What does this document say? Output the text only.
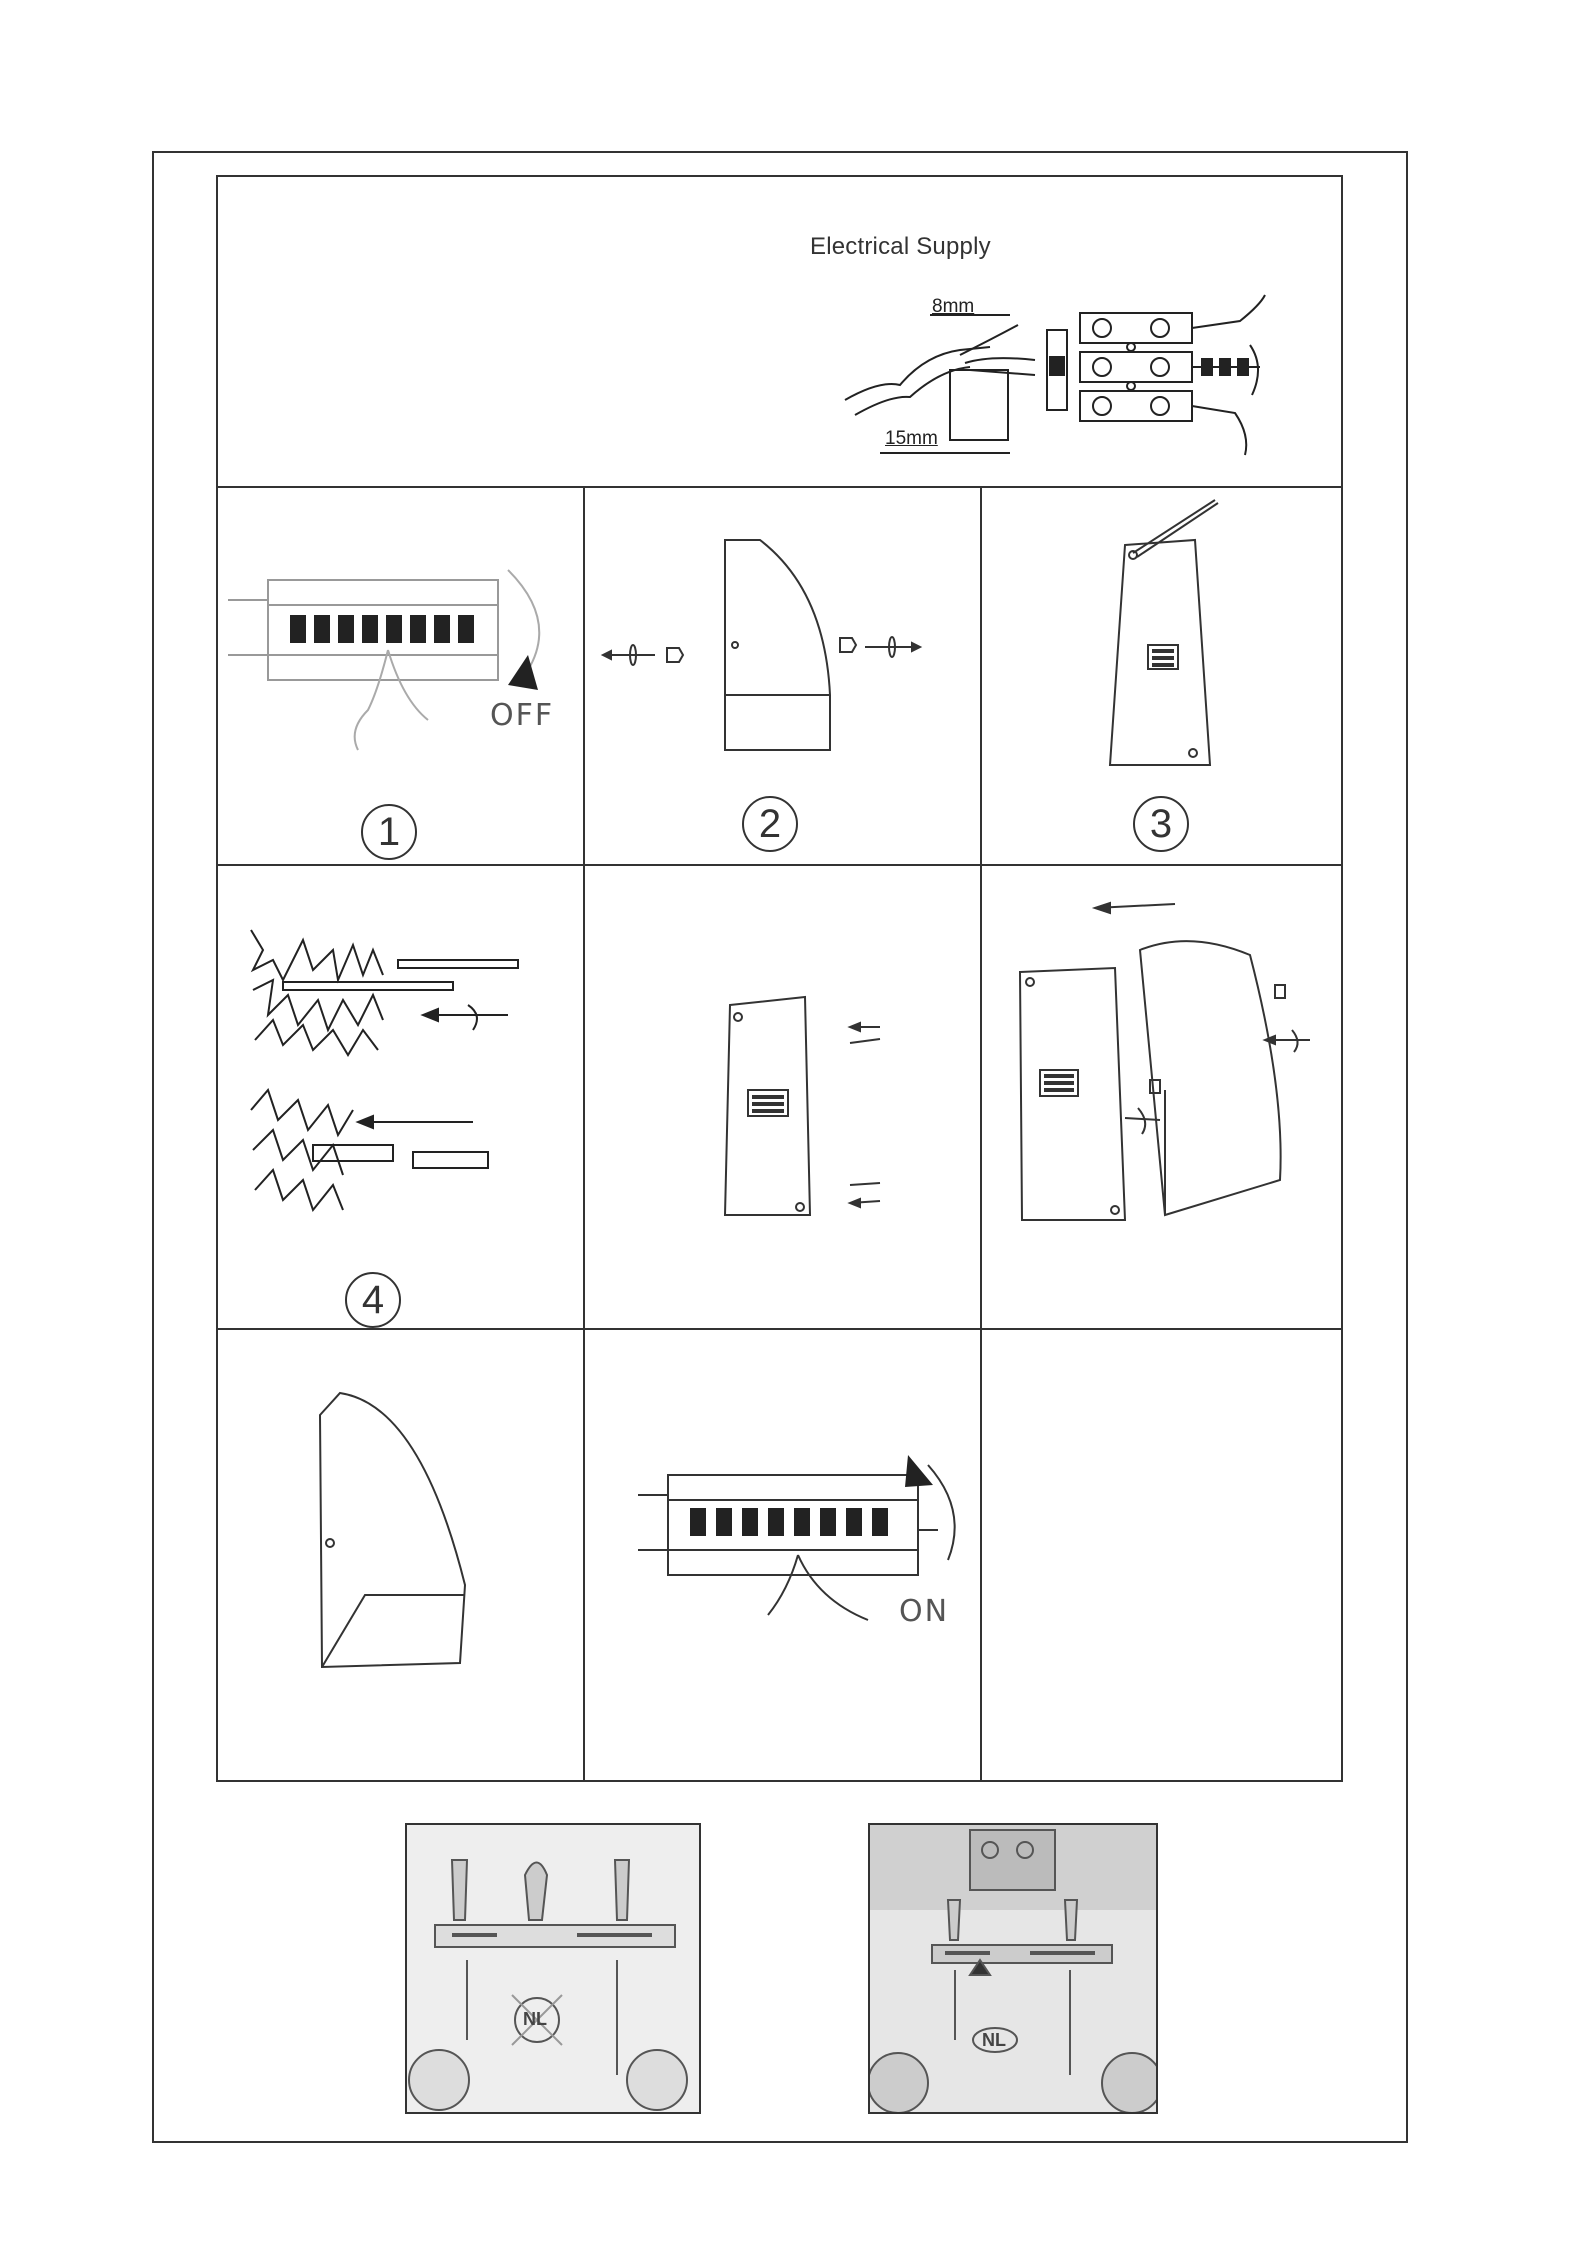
Electrical Supply
8mm
15mm
OFF
1	2	3
4
ON
NL
NL
